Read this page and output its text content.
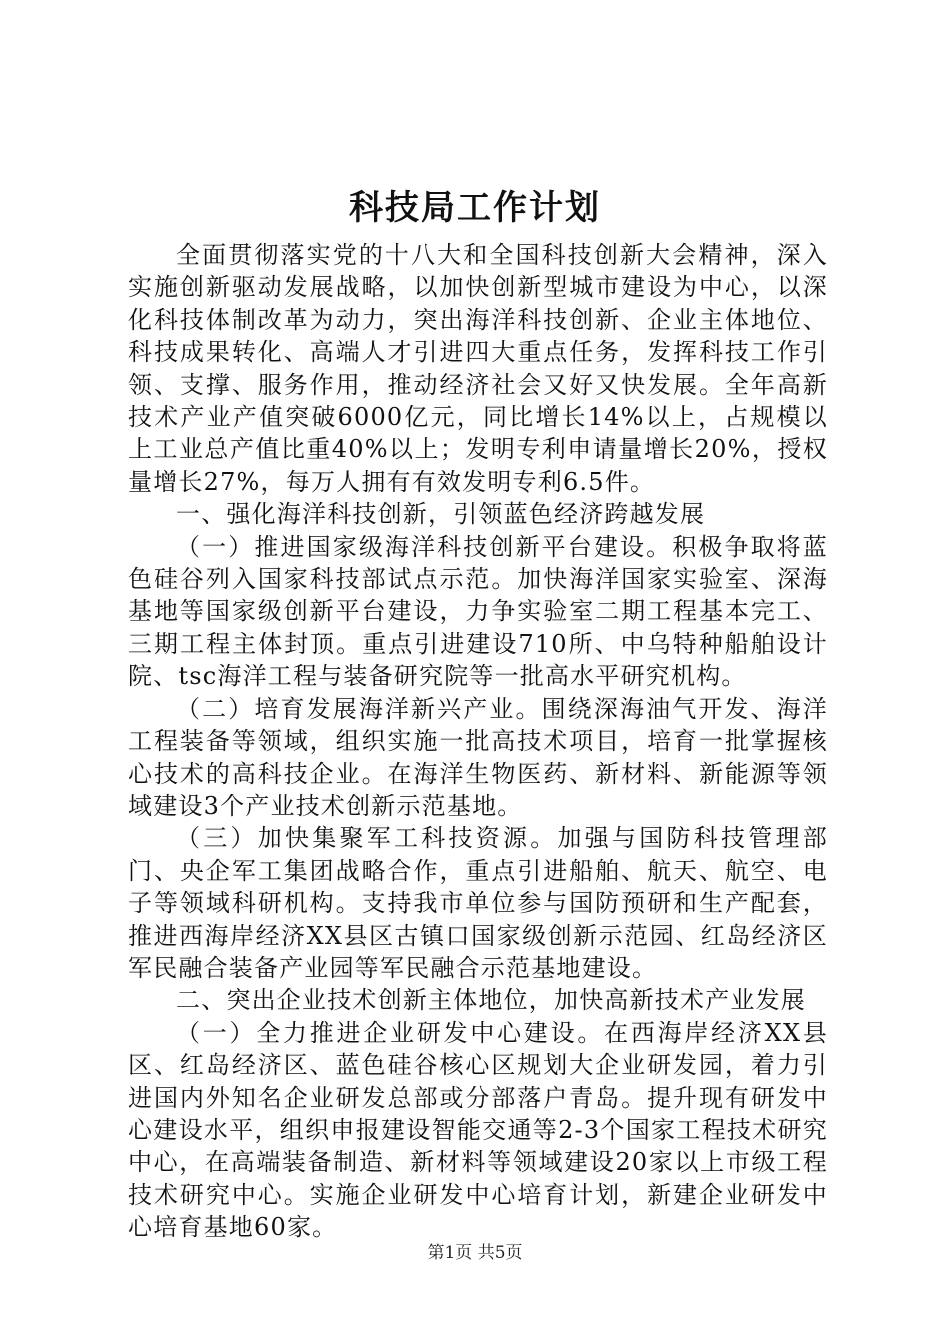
科技局工作计划

全面贯彻落实党的十八大和全国科技创新大会精神，深入实施创新驱动发展战略，以加快创新型城市建设为中心，以深化科技体制改革为动力，突出海洋科技创新、企业主体地位、科技成果转化、高端人才引进四大重点任务，发挥科技工作引领、支撑、服务作用，推动经济社会又好又快发展。全年高新技术产业产值突破6000亿元，同比增长14%以上，占规模以上工业总产值比重40%以上；发明专利申请量增长20%，授权量增长27%，每万人拥有有效发明专利6.5件。

一、强化海洋科技创新，引领蓝色经济跨越发展

（一）推进国家级海洋科技创新平台建设。积极争取将蓝色硅谷列入国家科技部试点示范。加快海洋国家实验室、深海基地等国家级创新平台建设，力争实验室二期工程基本完工、三期工程主体封顶。重点引进建设710所、中乌特种船舶设计院、tsc海洋工程与装备研究院等一批高水平研究机构。

（二）培育发展海洋新兴产业。围绕深海油气开发、海洋工程装备等领域，组织实施一批高技术项目，培育一批掌握核心技术的高科技企业。在海洋生物医药、新材料、新能源等领域建设3个产业技术创新示范基地。

（三）加快集聚军工科技资源。加强与国防科技管理部门、央企军工集团战略合作，重点引进船舶、航天、航空、电子等领域科研机构。支持我市单位参与国防预研和生产配套，推进西海岸经济XX县区古镇口国家级创新示范园、红岛经济区军民融合装备产业园等军民融合示范基地建设。

二、突出企业技术创新主体地位，加快高新技术产业发展

（一）全力推进企业研发中心建设。在西海岸经济XX县区、红岛经济区、蓝色硅谷核心区规划大企业研发园，着力引进国内外知名企业研发总部或分部落户青岛。提升现有研发中心建设水平，组织申报建设智能交通等2-3个国家工程技术研究中心，在高端装备制造、新材料等领域建设20家以上市级工程技术研究中心。实施企业研发中心培育计划，新建企业研发中心培育基地60家。

第1页 共5页
